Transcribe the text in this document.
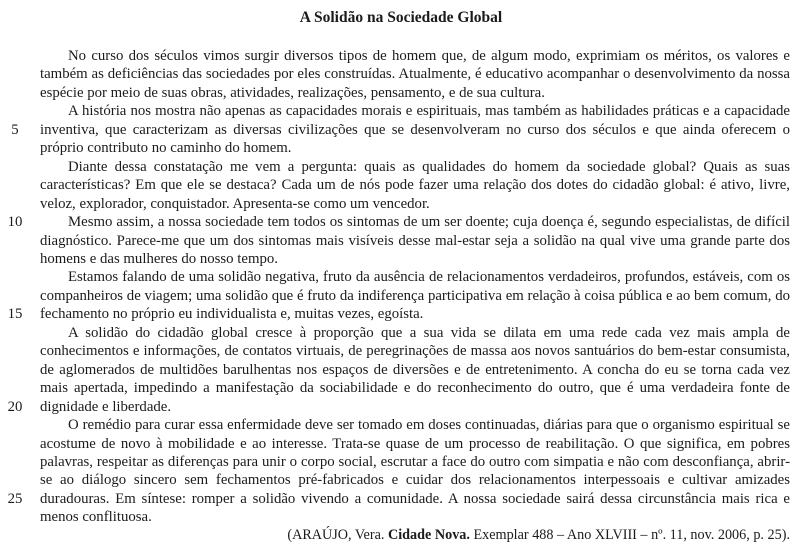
A Solidão na Sociedade Global
5
10
15
20
25

No curso dos séculos vimos surgir diversos tipos de homem que, de algum modo, exprimiam os méritos, os valores e também as deficiências das sociedades por eles construídas. Atualmente, é educativo acompanhar o desenvolvimento da nossa espécie por meio de suas obras, atividades, realizações, pensamento, e de sua cultura.

A história nos mostra não apenas as capacidades morais e espirituais, mas também as habilidades práticas e a capacidade inventiva, que caracterizam as diversas civilizações que se desenvolveram no curso dos séculos e que ainda oferecem o próprio contributo no caminho do homem.

Diante dessa constatação me vem a pergunta: quais as qualidades do homem da sociedade global? Quais as suas características? Em que ele se destaca? Cada um de nós pode fazer uma relação dos dotes do cidadão global: é ativo, livre, veloz, explorador, conquistador. Apresenta-se como um vencedor.

Mesmo assim, a nossa sociedade tem todos os sintomas de um ser doente; cuja doença é, segundo especialistas, de difícil diagnóstico. Parece-me que um dos sintomas mais visíveis desse mal-estar seja a solidão na qual vive uma grande parte dos homens e das mulheres do nosso tempo.

Estamos falando de uma solidão negativa, fruto da ausência de relacionamentos verdadeiros, profundos, estáveis, com os companheiros de viagem; uma solidão que é fruto da indiferença participativa em relação à coisa pública e ao bem comum, do fechamento no próprio eu individualista e, muitas vezes, egoísta.

A solidão do cidadão global cresce à proporção que a sua vida se dilata em uma rede cada vez mais ampla de conhecimentos e informações, de contatos virtuais, de peregrinações de massa aos novos santuários do bem-estar consumista, de aglomerados de multidões barulhentas nos espaços de diversões e de entretenimento. A concha do eu se torna cada vez mais apertada, impedindo a manifestação da sociabilidade e do reconhecimento do outro, que é uma verdadeira fonte de dignidade e liberdade.

O remédio para curar essa enfermidade deve ser tomado em doses continuadas, diárias para que o organismo espiritual se acostume de novo à mobilidade e ao interesse. Trata-se quase de um processo de reabilitação. O que significa, em pobres palavras, respeitar as diferenças para unir o corpo social, escrutar a face do outro com simpatia e não com desconfiança, abrir-se ao diálogo sincero sem fechamentos pré-fabricados e cuidar dos relacionamentos interpessoais e cultivar amizades duradouras. Em síntese: romper a solidão vivendo a comunidade. A nossa sociedade sairá dessa circunstância mais rica e menos conflituosa.

(ARAÚJO, Vera. Cidade Nova. Exemplar 488 – Ano XLVIII – nº. 11, nov. 2006, p. 25).
